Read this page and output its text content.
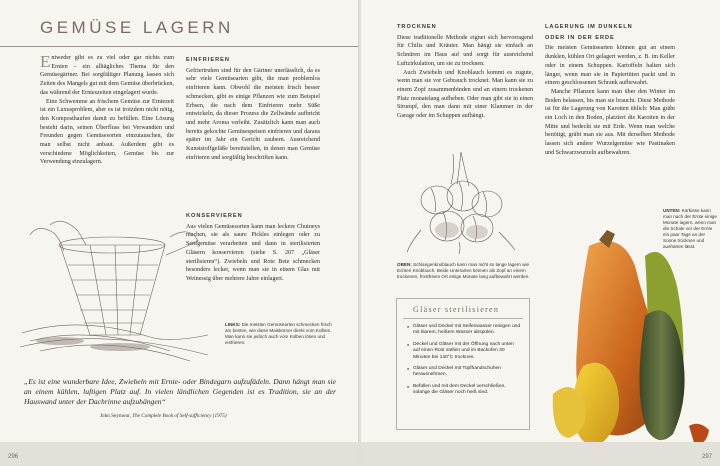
GEMÜSE LAGERN

Entweder gibt es zu viel oder gar nichts zum Ernten – ein alltägliches Thema für den Gemüsegärtner. Bei sorgfältiger Planung lassen sich Zeiten des Mangels gut mit dem Gemüse überbrücken, das während der Ernteszeiten eingelagert wurde.

Eine Schwemme an frischem Gemüse zur Erntezeit ist ein Luxusproblem, aber es ist trotzdem nicht nötig, den Komposthaufen damit zu befüllen. Eine Lösung besteht darin, seinen Überfluss bei Verwandten und Freunden gegen Gemüsesorten einzutauschen, die man selbst nicht anbaut. Außerdem gibt es verschiedene Möglichkeiten, Gemüse bis zur Verwendung einzulagern.

EINFRIEREN

Gefriertruhen sind für den Gärtner unerlässlich, da es sehr viele Gemüsearten gibt, die man problemlos einfrieren kann. Obwohl die meisten frisch besser schmecken, gibt es einige Pflanzen wie zum Beispiel Erbsen, die nach dem Einfrieren mehr Süße entwickeln, da dieser Prozess die Zellwände aufbricht und mehr Aroma verleiht. Zusätzlich kann man auch bereits gekochte Gemüsespeisen einfrieren und daraus später im Jahr ein Gericht zaubern. Ausreichend Kunststoffgefäße bereitstellen, in denen man Gemüse einfrieren und sorgfältig beschriften kann.

KONSERVIEREN

Aus vielen Gemüsesorten kann man leckere Chutneys machen, sie als saure Pickles einlegen oder zu Senfgemüse verarbeiten und dann in sterilisierten Gläsern konservieren (siehe S. 207 „Gläser sterilisieren“). Zwiebeln und Rote Bete schmecken besonders lecker, wenn man sie in einem Glas mit Weinessig über mehrere Jahre einlagert.

LINKS: Die meisten Gemüsearten schmecken frisch am besten, wie diese Maiskörner direkt vom Kolben. Man kann sie jedoch auch vom Kolben lösen und einfrieren.
„Es ist eine wunderbare Idee, Zwiebeln mit Ernte- oder Bindegarn aufzufädeln. Dann hängt man sie an einem kühlen, luftigen Platz auf. In vielen ländlichen Gegenden ist es Tradition, sie an der Hauswand unter der Dachrinne aufzuhängen“
John Seymour, The Complete Book of Self-sufficiency (1975)
TROCKNEN

Diese traditionelle Methode eignet sich hervorragend für Chilis und Kräuter. Man hängt sie einfach an Schnüren im Haus auf und sorgt für ausreichend Luftzirkulation, um sie zu trocknen.

Auch Zwiebeln und Knoblauch kommt es zugute, wenn man sie vor Gebrauch trocknet. Man kann sie zu einem Zopf zusammenbinden und an einem trockenen Platz monatelang aufheben. Oder man gibt sie in einen Strumpf, den man dann mit einer Klammer in der Garage oder im Schuppen aufhängt.

OBEN: Schlangenknoblauch kann man nicht so lange lagern wie Echten Knoblauch. Beide Unterarten können als Zopf an einem trockenen, frostfreien Ort einige Monate lang aufbewahrt werden.
LAGERUNG IM DUNKELN
ODER IN DER ERDE

Die meisten Gemüsearten können gut an einem dunklen, kühlen Ort gelagert werden, z. B. im Keller oder in einem Schuppen. Kartoffeln halten sich länger, wenn man sie in Papiertüten packt und in einem geschlossenen Schrank aufbewahrt.

Manche Pflanzen kann man über den Winter im Boden belassen, bis man sie braucht. Diese Methode ist für die Lagerung von Karotten üblich: Man gräbt ein Loch in den Boden, platziert die Karotten in der Mitte und bedeckt sie mit Erde. Wenn man welche benötigt, gräbt man sie aus. Mit derselben Methode lassen sich andere Wurzelgemüse wie Pastinaken und Schwarzwurzeln aufbewahren.

UNTEN: Kürbisse kann man nach der Ernte einige Monate lagern, wenn man die Schale vor der Ernte ein paar Tage an der Sonne trocknen und aushärten lässt.
Gläser sterilisieren
■ Gläser und Deckel mit Seifenwasser reinigen und mit klarem, heißem Wasser abspülen.
■ Deckel und Gläser mit der Öffnung nach unten auf einen Rost stellen und im Backofen 30 Minuten bei 140°C trocknen.
■ Gläser und Deckel mit Topfhandschuhen herausnehmen.
■ Befüllen und mit dem Deckel verschließen, solange die Gläser noch heiß sind.
296	297
